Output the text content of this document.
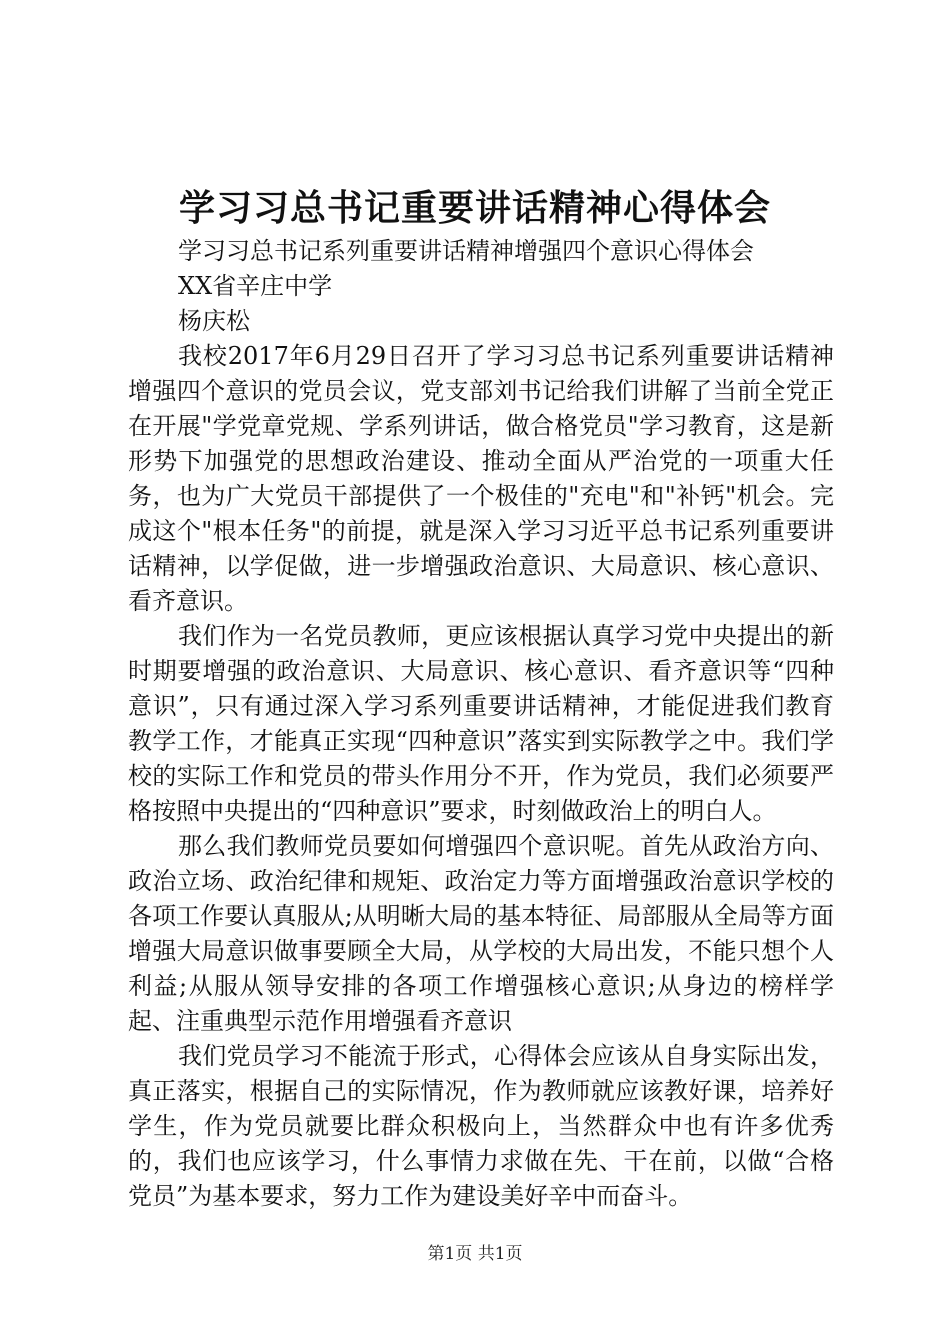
学习习总书记重要讲话精神心得体会

学习习总书记系列重要讲话精神增强四个意识心得体会

XX省辛庄中学

杨庆松

我校2017年6月29日召开了学习习总书记系列重要讲话精神增强四个意识的党员会议，党支部刘书记给我们讲解了当前全党正在开展"学党章党规、学系列讲话，做合格党员"学习教育，这是新形势下加强党的思想政治建设、推动全面从严治党的一项重大任务，也为广大党员干部提供了一个极佳的"充电"和"补钙"机会。完成这个"根本任务"的前提，就是深入学习习近平总书记系列重要讲话精神，以学促做，进一步增强政治意识、大局意识、核心意识、看齐意识。

我们作为一名党员教师，更应该根据认真学习党中央提出的新时期要增强的政治意识、大局意识、核心意识、看齐意识等“四种意识”，只有通过深入学习系列重要讲话精神，才能促进我们教育教学工作，才能真正实现“四种意识”落实到实际教学之中。我们学校的实际工作和党员的带头作用分不开，作为党员，我们必须要严格按照中央提出的“四种意识”要求，时刻做政治上的明白人。

那么我们教师党员要如何增强四个意识呢。首先从政治方向、政治立场、政治纪律和规矩、政治定力等方面增强政治意识学校的各项工作要认真服从;从明晰大局的基本特征、局部服从全局等方面增强大局意识做事要顾全大局，从学校的大局出发，不能只想个人利益;从服从领导安排的各项工作增强核心意识;从身边的榜样学起、注重典型示范作用增强看齐意识

我们党员学习不能流于形式，心得体会应该从自身实际出发，真正落实，根据自己的实际情况，作为教师就应该教好课，培养好学生，作为党员就要比群众积极向上，当然群众中也有许多优秀的，我们也应该学习，什么事情力求做在先、干在前，以做“合格党员”为基本要求，努力工作为建设美好辛中而奋斗。

第1页 共1页
